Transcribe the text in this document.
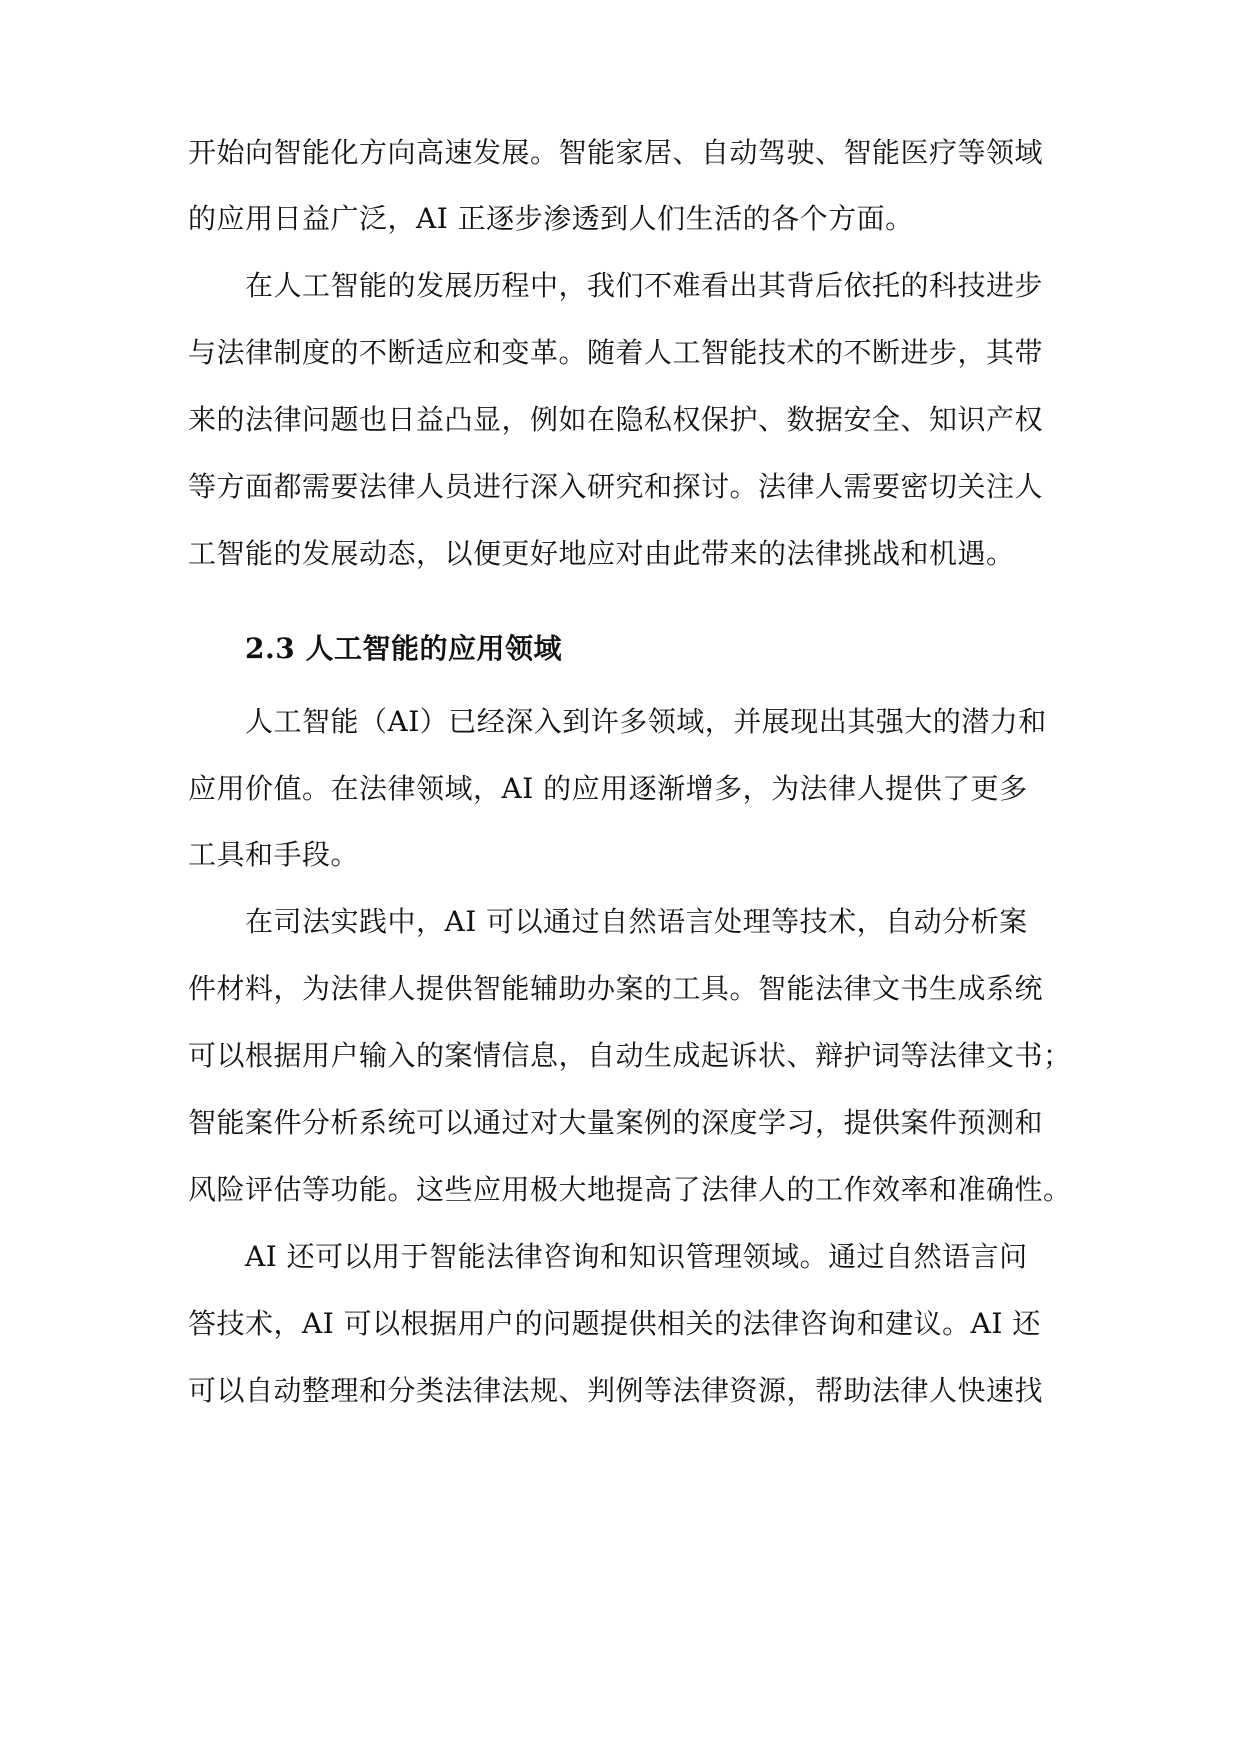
开始向智能化方向高速发展。智能家居、自动驾驶、智能医疗等领域
的应用日益广泛，AI 正逐步渗透到人们生活的各个方面。
在人工智能的发展历程中，我们不难看出其背后依托的科技进步
与法律制度的不断适应和变革。随着人工智能技术的不断进步，其带
来的法律问题也日益凸显，例如在隐私权保护、数据安全、知识产权
等方面都需要法律人员进行深入研究和探讨。法律人需要密切关注人
工智能的发展动态，以便更好地应对由此带来的法律挑战和机遇。
2.3 人工智能的应用领域
人工智能（AI）已经深入到许多领域，并展现出其强大的潜力和
应用价值。在法律领域，AI 的应用逐渐增多，为法律人提供了更多
工具和手段。
在司法实践中，AI 可以通过自然语言处理等技术，自动分析案
件材料，为法律人提供智能辅助办案的工具。智能法律文书生成系统
可以根据用户输入的案情信息，自动生成起诉状、辩护词等法律文书；
智能案件分析系统可以通过对大量案例的深度学习，提供案件预测和
风险评估等功能。这些应用极大地提高了法律人的工作效率和准确性。
AI 还可以用于智能法律咨询和知识管理领域。通过自然语言问
答技术，AI 可以根据用户的问题提供相关的法律咨询和建议。AI 还
可以自动整理和分类法律法规、判例等法律资源，帮助法律人快速找
